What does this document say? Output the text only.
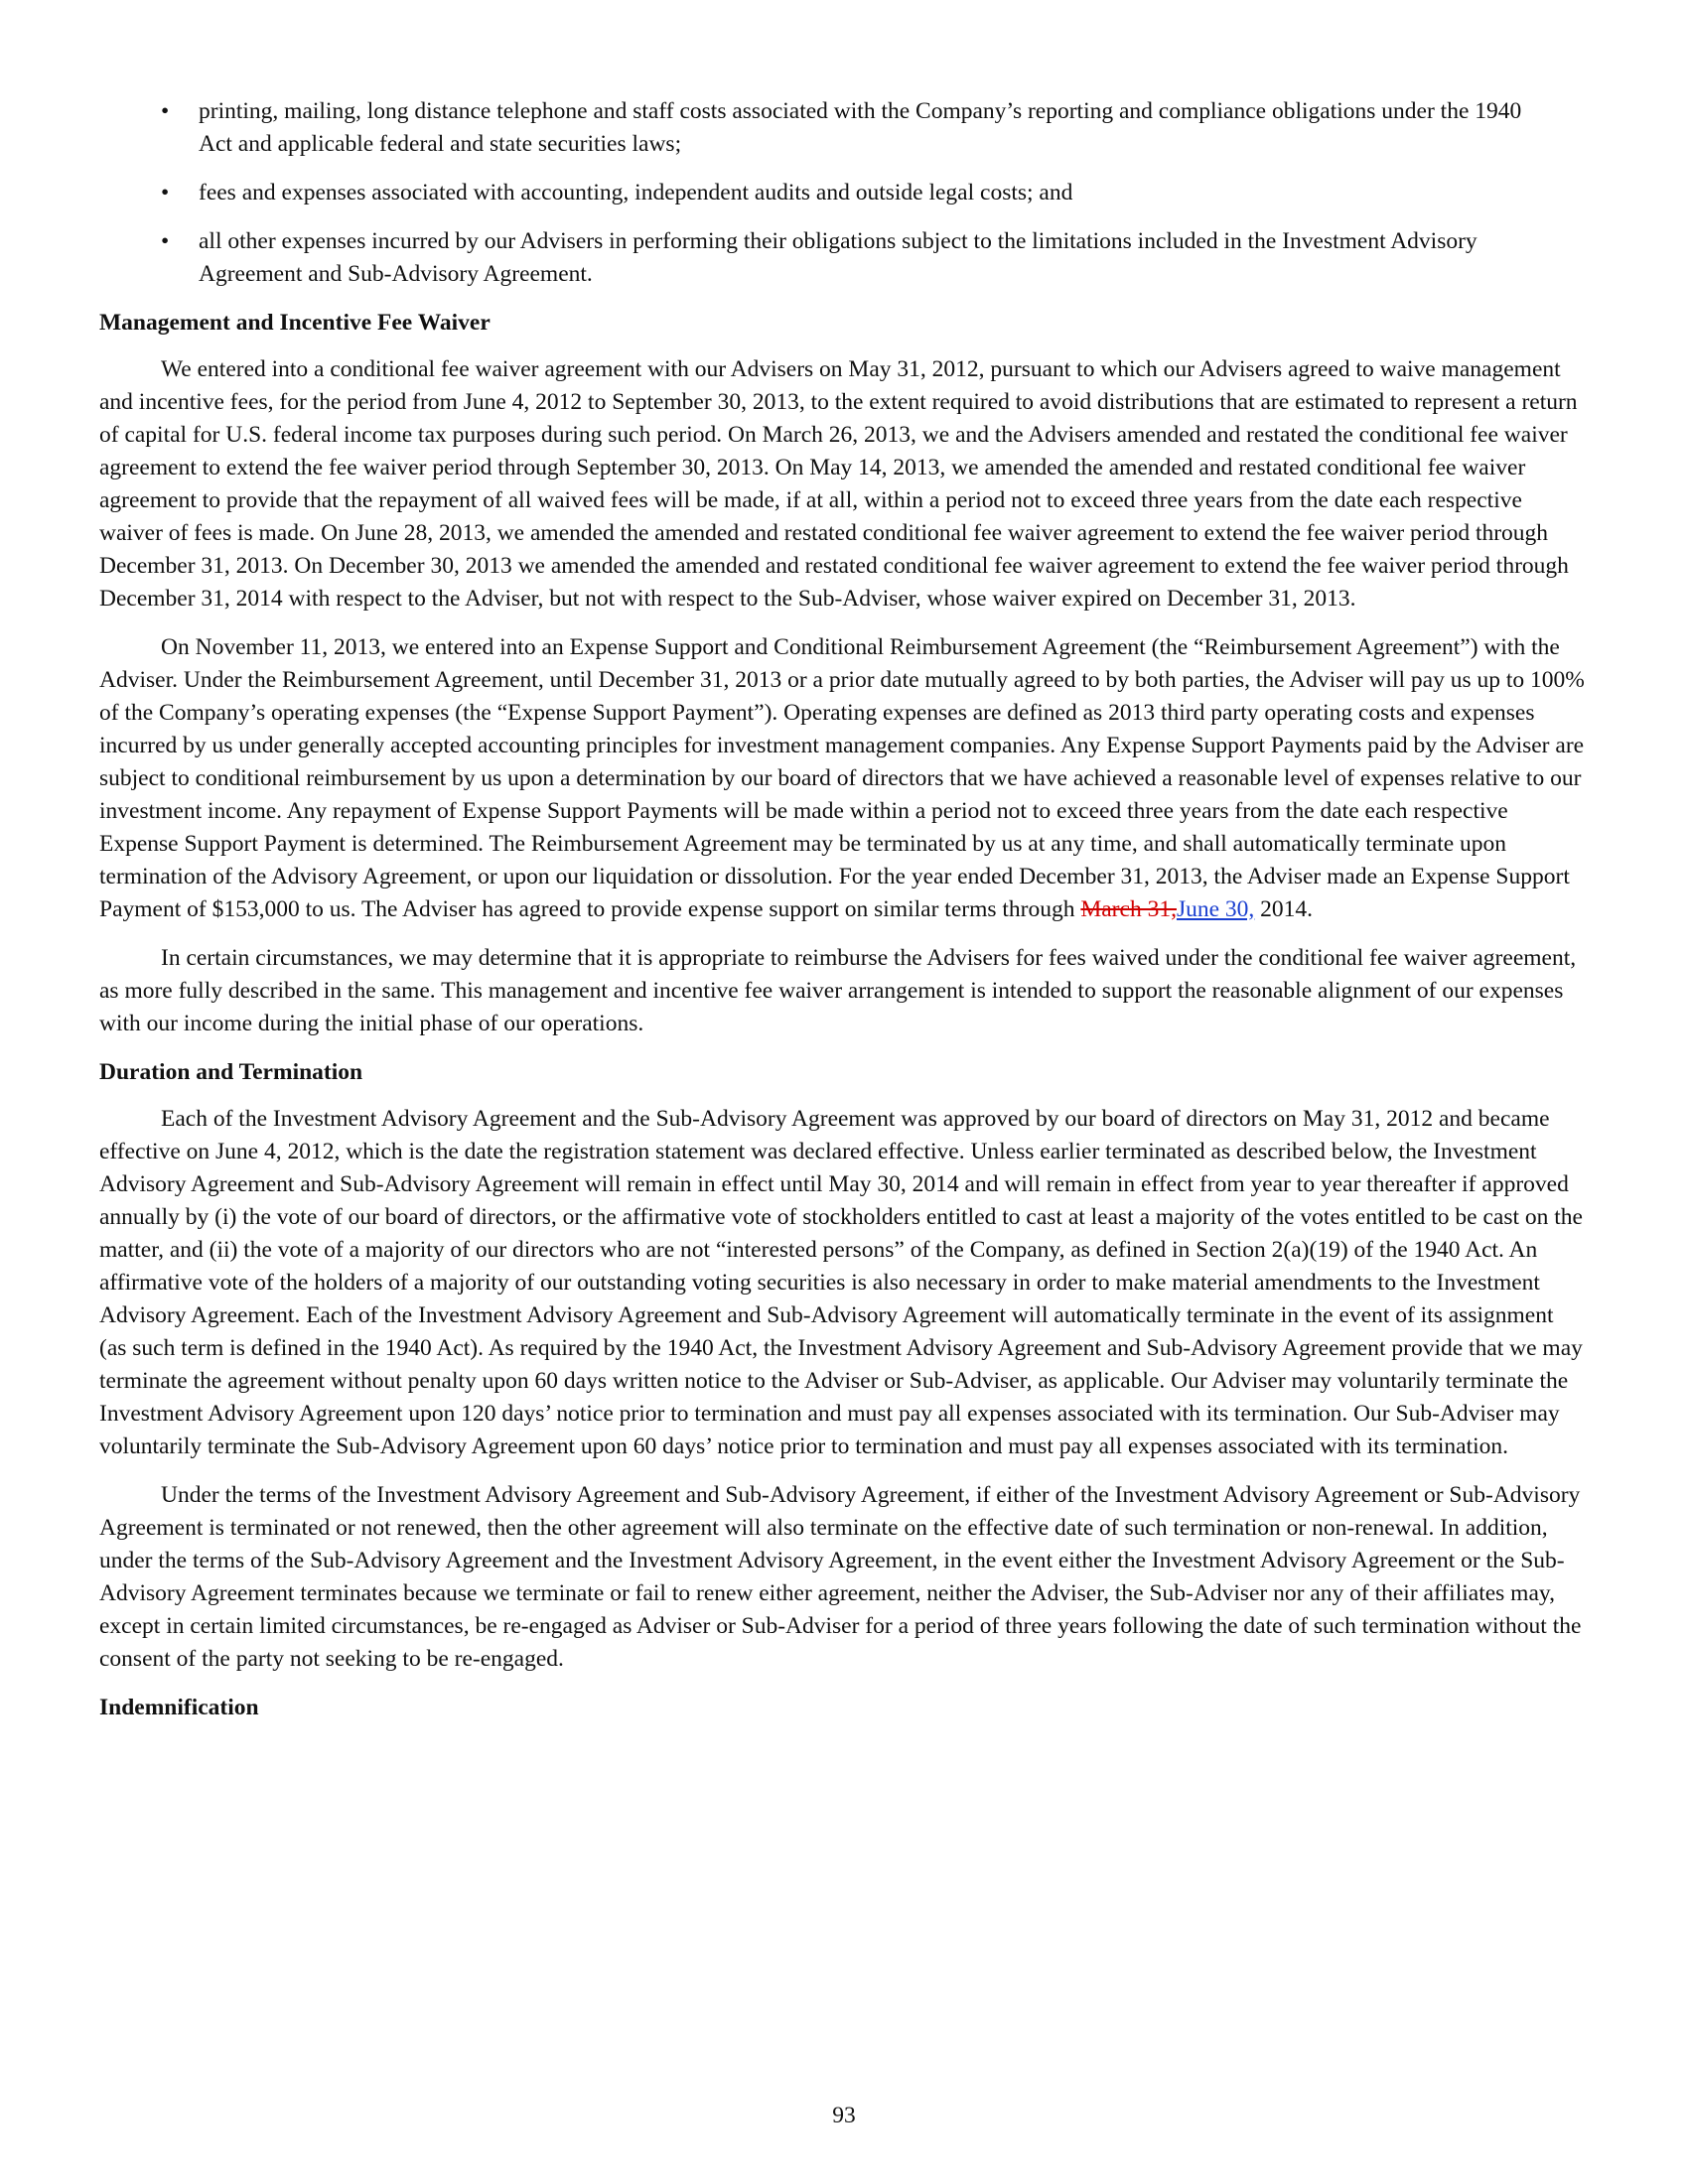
• printing, mailing, long distance telephone and staff costs associated with the Company’s reporting and compliance obligations under the 1940 Act and applicable federal and state securities laws;
• fees and expenses associated with accounting, independent audits and outside legal costs; and
• all other expenses incurred by our Advisers in performing their obligations subject to the limitations included in the Investment Advisory Agreement and Sub-Advisory Agreement.
Management and Incentive Fee Waiver

We entered into a conditional fee waiver agreement with our Advisers on May 31, 2012, pursuant to which our Advisers agreed to waive management and incentive fees, for the period from June 4, 2012 to September 30, 2013, to the extent required to avoid distributions that are estimated to represent a return of capital for U.S. federal income tax purposes during such period. On March 26, 2013, we and the Advisers amended and restated the conditional fee waiver agreement to extend the fee waiver period through September 30, 2013. On May 14, 2013, we amended the amended and restated conditional fee waiver agreement to provide that the repayment of all waived fees will be made, if at all, within a period not to exceed three years from the date each respective waiver of fees is made. On June 28, 2013, we amended the amended and restated conditional fee waiver agreement to extend the fee waiver period through December 31, 2013. On December 30, 2013 we amended the amended and restated conditional fee waiver agreement to extend the fee waiver period through December 31, 2014 with respect to the Adviser, but not with respect to the Sub-Adviser, whose waiver expired on December 31, 2013.

On November 11, 2013, we entered into an Expense Support and Conditional Reimbursement Agreement (the “Reimbursement Agreement”) with the Adviser. Under the Reimbursement Agreement, until December 31, 2013 or a prior date mutually agreed to by both parties, the Adviser will pay us up to 100% of the Company’s operating expenses (the “Expense Support Payment”). Operating expenses are defined as 2013 third party operating costs and expenses incurred by us under generally accepted accounting principles for investment management companies. Any Expense Support Payments paid by the Adviser are subject to conditional reimbursement by us upon a determination by our board of directors that we have achieved a reasonable level of expenses relative to our investment income. Any repayment of Expense Support Payments will be made within a period not to exceed three years from the date each respective Expense Support Payment is determined. The Reimbursement Agreement may be terminated by us at any time, and shall automatically terminate upon termination of the Advisory Agreement, or upon our liquidation or dissolution. For the year ended December 31, 2013, the Adviser made an Expense Support Payment of $153,000 to us. The Adviser has agreed to provide expense support on similar terms through March 31,June 30, 2014.

In certain circumstances, we may determine that it is appropriate to reimburse the Advisers for fees waived under the conditional fee waiver agreement, as more fully described in the same. This management and incentive fee waiver arrangement is intended to support the reasonable alignment of our expenses with our income during the initial phase of our operations.

Duration and Termination

Each of the Investment Advisory Agreement and the Sub-Advisory Agreement was approved by our board of directors on May 31, 2012 and became effective on June 4, 2012, which is the date the registration statement was declared effective. Unless earlier terminated as described below, the Investment Advisory Agreement and Sub-Advisory Agreement will remain in effect until May 30, 2014 and will remain in effect from year to year thereafter if approved annually by (i) the vote of our board of directors, or the affirmative vote of stockholders entitled to cast at least a majority of the votes entitled to be cast on the matter, and (ii) the vote of a majority of our directors who are not “interested persons” of the Company, as defined in Section 2(a)(19) of the 1940 Act. An affirmative vote of the holders of a majority of our outstanding voting securities is also necessary in order to make material amendments to the Investment Advisory Agreement. Each of the Investment Advisory Agreement and Sub-Advisory Agreement will automatically terminate in the event of its assignment (as such term is defined in the 1940 Act). As required by the 1940 Act, the Investment Advisory Agreement and Sub-Advisory Agreement provide that we may terminate the agreement without penalty upon 60 days written notice to the Adviser or Sub-Adviser, as applicable. Our Adviser may voluntarily terminate the Investment Advisory Agreement upon 120 days’ notice prior to termination and must pay all expenses associated with its termination. Our Sub-Adviser may voluntarily terminate the Sub-Advisory Agreement upon 60 days’ notice prior to termination and must pay all expenses associated with its termination.

Under the terms of the Investment Advisory Agreement and Sub-Advisory Agreement, if either of the Investment Advisory Agreement or Sub-Advisory Agreement is terminated or not renewed, then the other agreement will also terminate on the effective date of such termination or non-renewal. In addition, under the terms of the Sub-Advisory Agreement and the Investment Advisory Agreement, in the event either the Investment Advisory Agreement or the Sub-Advisory Agreement terminates because we terminate or fail to renew either agreement, neither the Adviser, the Sub-Adviser nor any of their affiliates may, except in certain limited circumstances, be re-engaged as Adviser or Sub-Adviser for a period of three years following the date of such termination without the consent of the party not seeking to be re-engaged.

Indemnification
93
